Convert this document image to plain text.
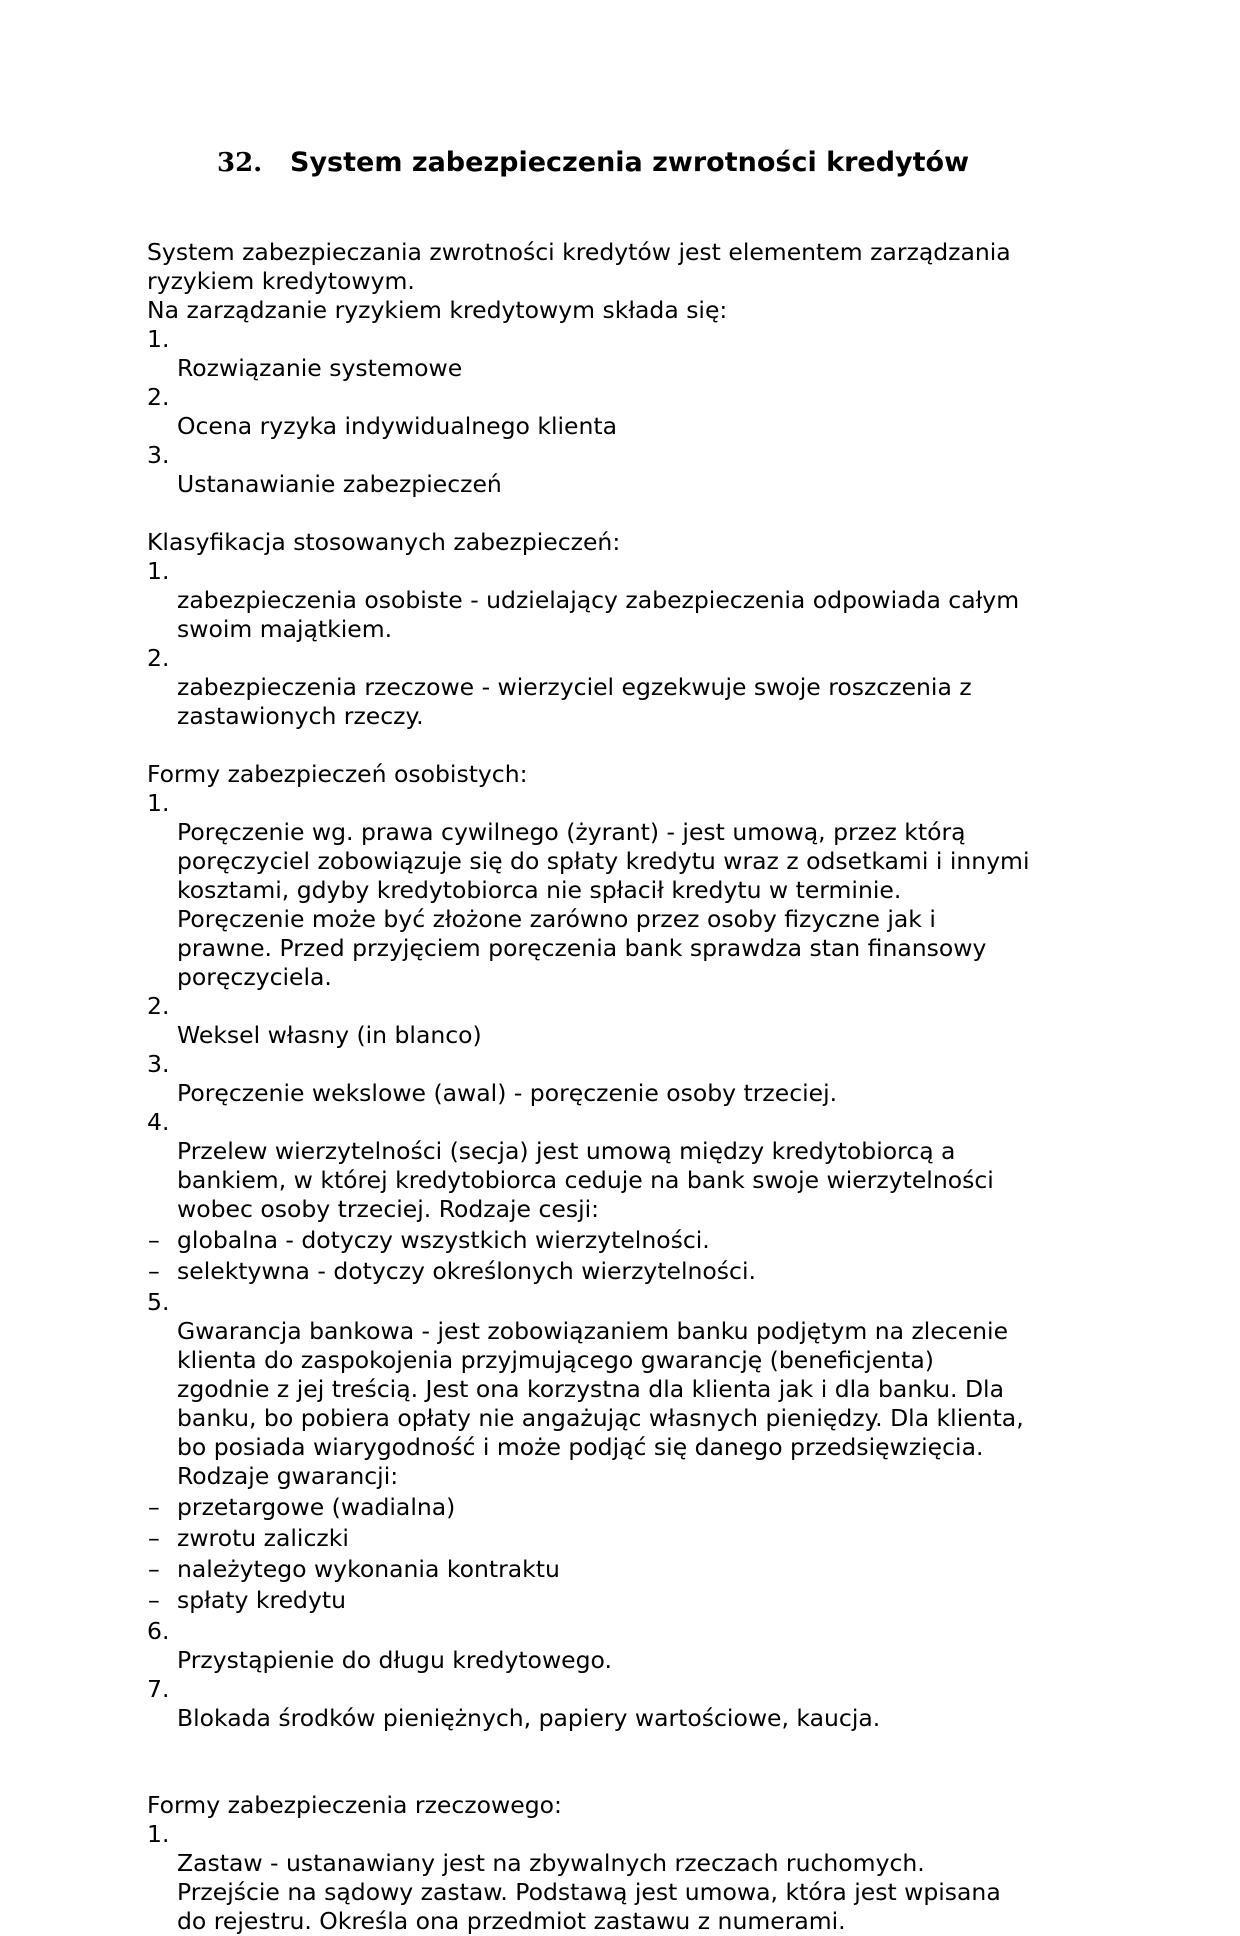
32. System zabezpieczenia zwrotności kredytów

System zabezpieczania zwrotności kredytów jest elementem zarządzania

ryzykiem kredytowym.

Na zarządzanie ryzykiem kredytowym składa się:

1.
Rozwiązanie systemowe

2.
Ocena ryzyka indywidualnego klienta

3.
Ustanawianie zabezpieczeń

Klasyfikacja stosowanych zabezpieczeń:

1.
zabezpieczenia osobiste - udzielający zabezpieczenia odpowiada całym
swoim majątkiem.

2.
zabezpieczenia rzeczowe - wierzyciel egzekwuje swoje roszczenia z
zastawionych rzeczy.

Formy zabezpieczeń osobistych:

1.
Poręczenie wg. prawa cywilnego (żyrant) - jest umową, przez którą
poręczyciel zobowiązuje się do spłaty kredytu wraz z odsetkami i innymi
kosztami, gdyby kredytobiorca nie spłacił kredytu w terminie.
Poręczenie może być złożone zarówno przez osoby fizyczne jak i
prawne. Przed przyjęciem poręczenia bank sprawdza stan finansowy
poręczyciela.

2.
Weksel własny (in blanco)

3.
Poręczenie wekslowe (awal) - poręczenie osoby trzeciej.

4.
Przelew wierzytelności (secja) jest umową między kredytobiorcą a
bankiem, w której kredytobiorca ceduje na bank swoje wierzytelności
wobec osoby trzeciej. Rodzaje cesji:

– globalna - dotyczy wszystkich wierzytelności.
– selektywna - dotyczy określonych wierzytelności.

5.
Gwarancja bankowa - jest zobowiązaniem banku podjętym na zlecenie
klienta do zaspokojenia przyjmującego gwarancję (beneficjenta)
zgodnie z jej treścią. Jest ona korzystna dla klienta jak i dla banku. Dla
banku, bo pobiera opłaty nie angażując własnych pieniędzy. Dla klienta,
bo posiada wiarygodność i może podjąć się danego przedsięwzięcia.
Rodzaje gwarancji:

– przetargowe (wadialna)
– zwrotu zaliczki
– należytego wykonania kontraktu
– spłaty kredytu

6.
Przystąpienie do długu kredytowego.

7.
Blokada środków pieniężnych, papiery wartościowe, kaucja.

Formy zabezpieczenia rzeczowego:

1.
Zastaw - ustanawiany jest na zbywalnych rzeczach ruchomych.
Przejście na sądowy zastaw. Podstawą jest umowa, która jest wpisana
do rejestru. Określa ona przedmiot zastawu z numerami.
